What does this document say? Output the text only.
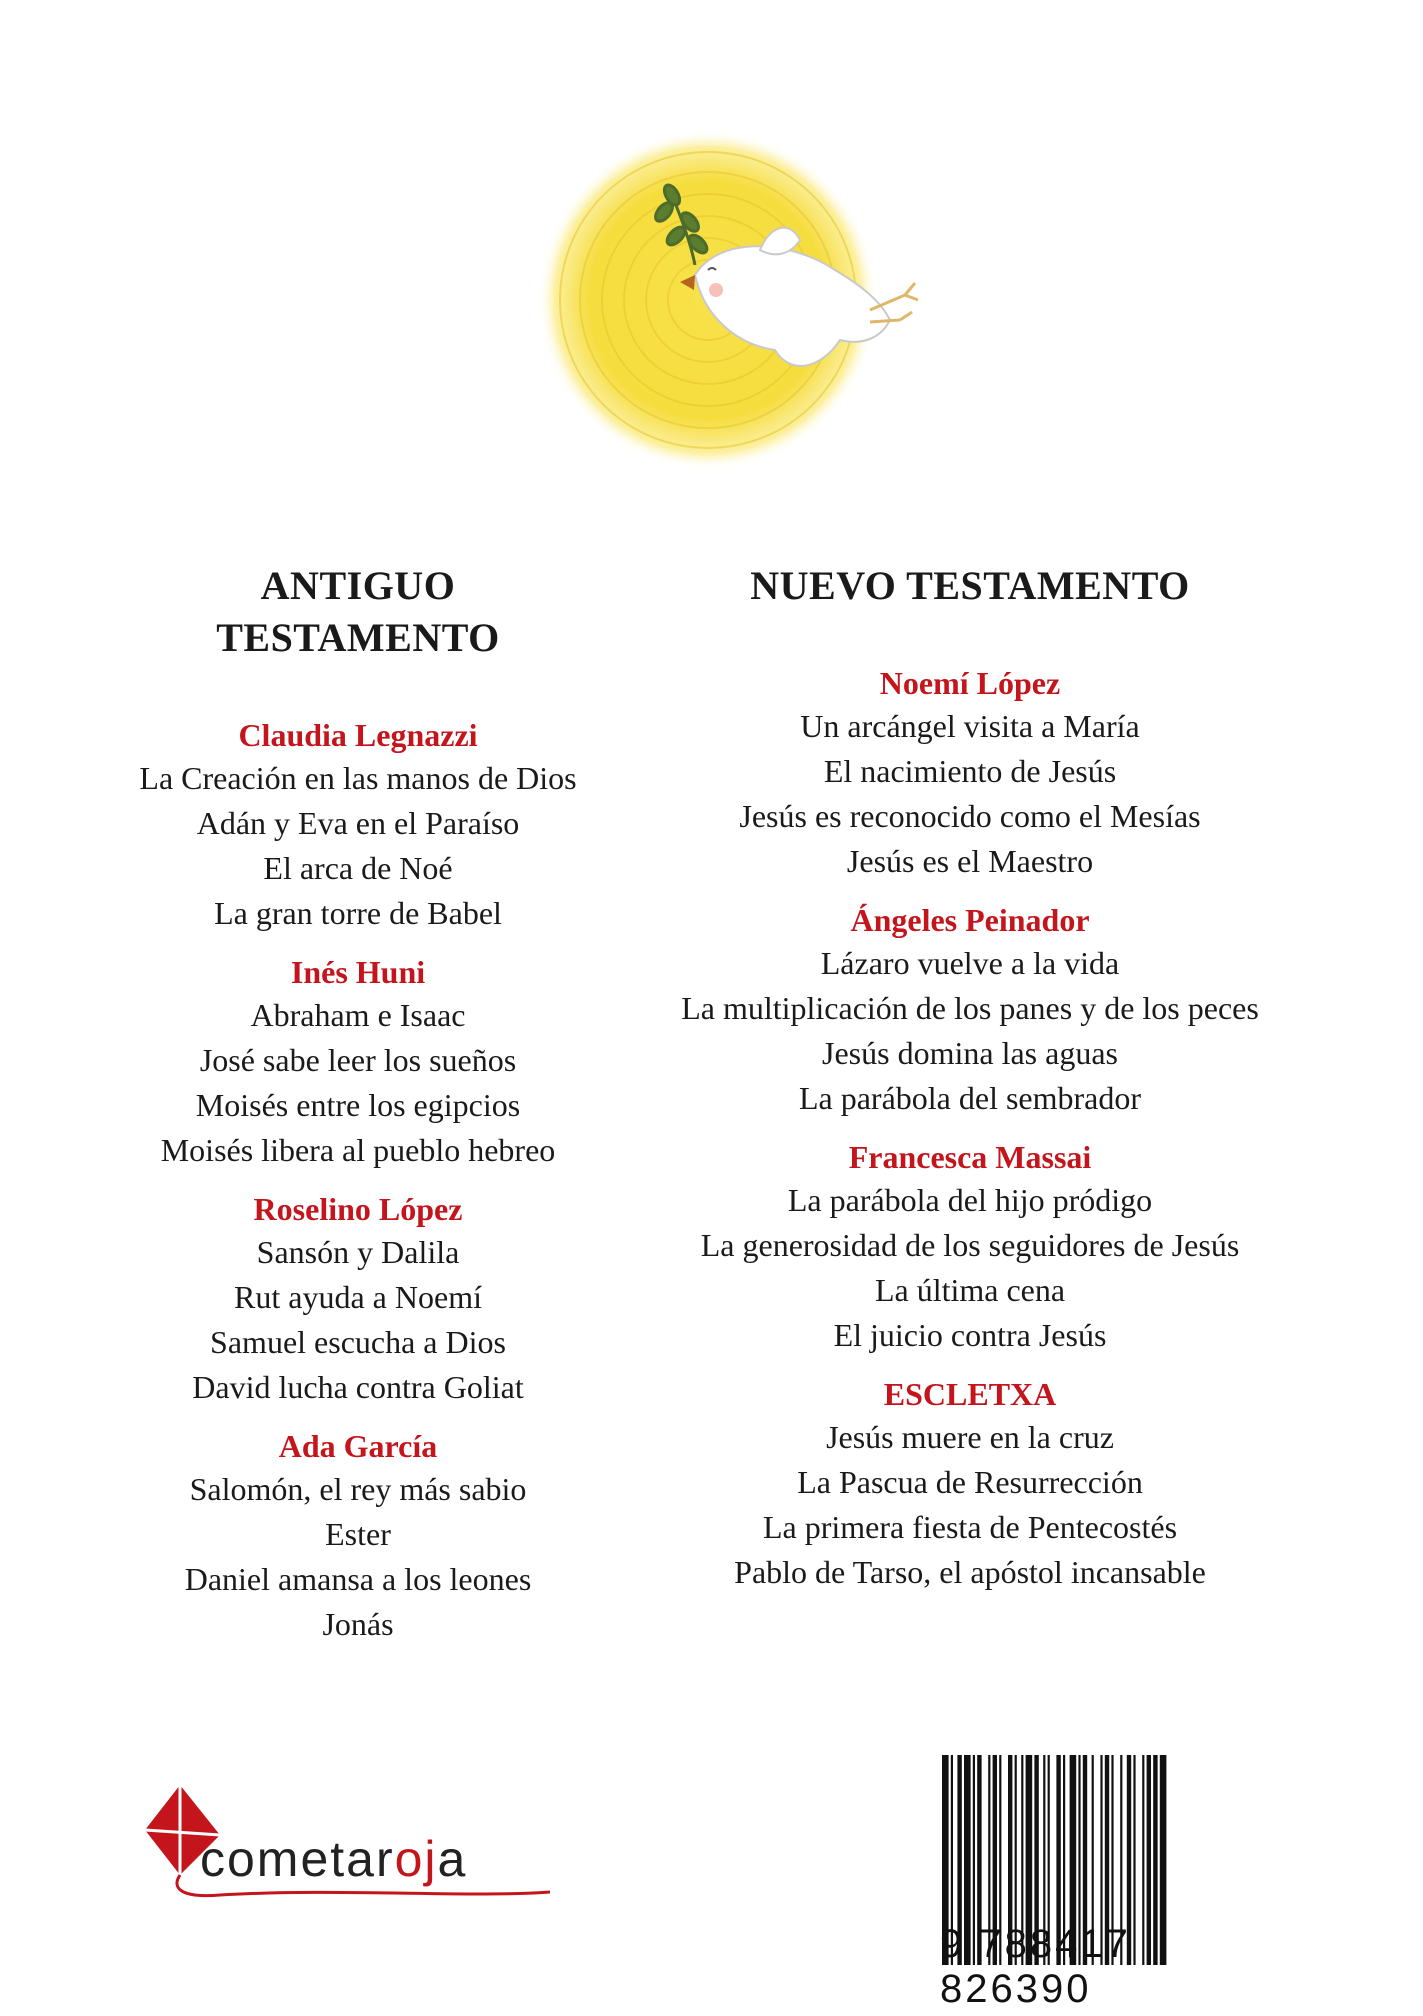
ANTIGUO TESTAMENTO
Claudia Legnazzi
La Creación en las manos de Dios
Adán y Eva en el Paraíso
El arca de Noé
La gran torre de Babel
Inés Huni
Abraham e Isaac
José sabe leer los sueños
Moisés entre los egipcios
Moisés libera al pueblo hebreo
Roselino López
Sansón y Dalila
Rut ayuda a Noemí
Samuel escucha a Dios
David lucha contra Goliat
Ada García
Salomón, el rey más sabio
Ester
Daniel amansa a los leones
Jonás
NUEVO TESTAMENTO
Noemí López
Un arcángel visita a María
El nacimiento de Jesús
Jesús es reconocido como el Mesías
Jesús es el Maestro
Ángeles Peinador
Lázaro vuelve a la vida
La multiplicación de los panes y de los peces
Jesús domina las aguas
La parábola del sembrador
Francesca Massai
La parábola del hijo pródigo
La generosidad de los seguidores de Jesús
La última cena
El juicio contra Jesús
ESCLETXA
Jesús muere en la cruz
La Pascua de Resurrección
La primera fiesta de Pentecostés
Pablo de Tarso, el apóstol incansable
cometaroja
9 788417 826390
